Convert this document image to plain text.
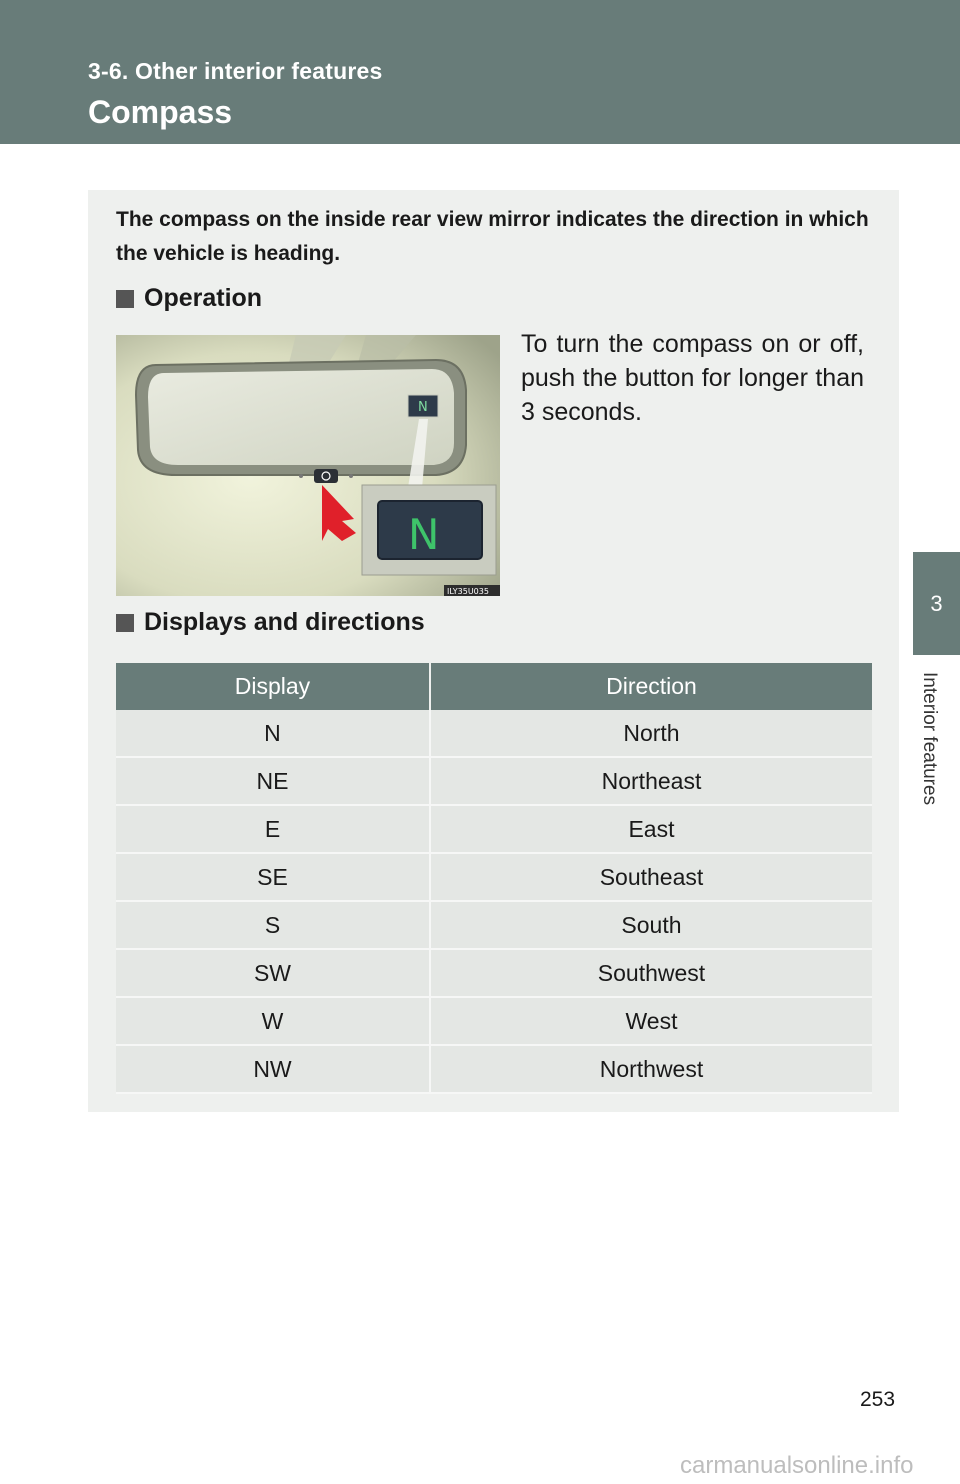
3-6. Other interior features
Compass
The compass on the inside rear view mirror indicates the direction in which the vehicle is heading.
Operation
N
N
ILY35U035
To turn the compass on or off, push the button for longer than 3 seconds.
Displays and directions
Display	Direction
N	North
NE	Northeast
E	East
SE	Southeast
S	South
SW	Southwest
W	West
NW	Northwest
3
Interior features
253
carmanualsonline.info
